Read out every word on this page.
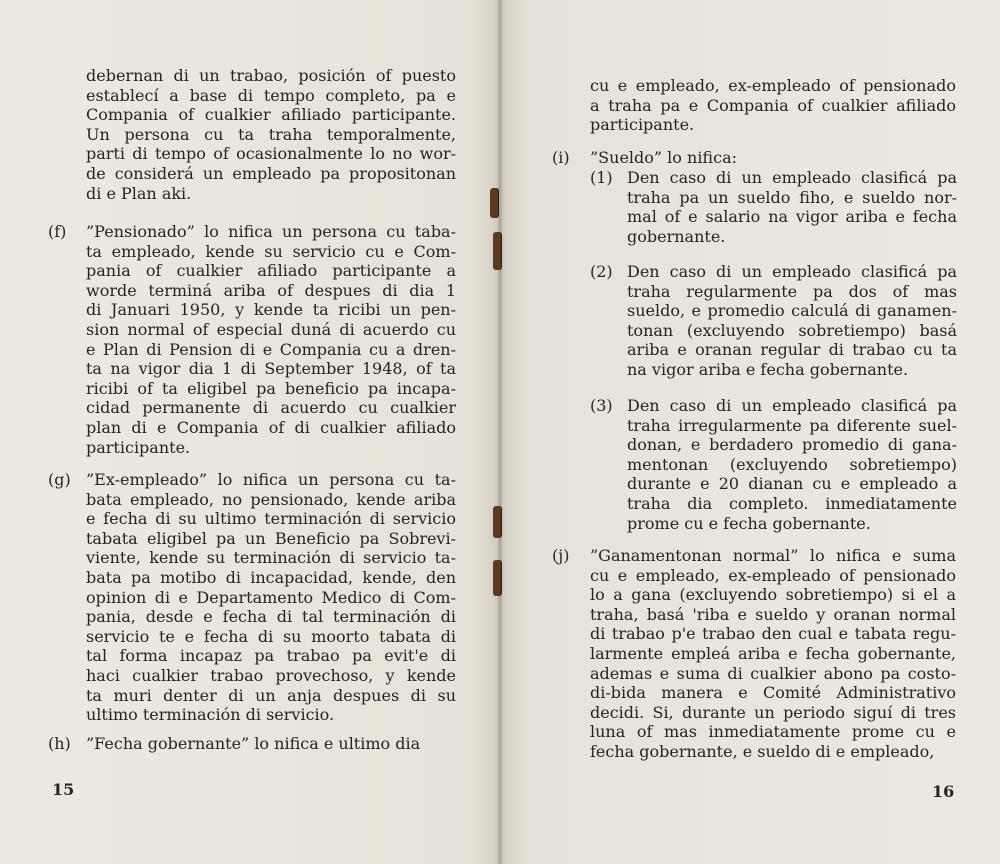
debernan di un trabao, posición of puesto
establecí a base di tempo completo, pa e
Compania of cualkier afiliado participante.
Un persona cu ta traha temporalmente,
parti di tempo of ocasionalmente lo no wor-
de considerá un empleado pa propositonan
di e Plan aki.
(f) ”Pensionado” lo nifica un persona cu taba-
ta empleado, kende su servicio cu e Com-
pania of cualkier afiliado participante a
worde terminá ariba of despues di dia 1
di Januari 1950, y kende ta ricibi un pen-
sion normal of especial duná di acuerdo cu
e Plan di Pension di e Compania cu a dren-
ta na vigor dia 1 di September 1948, of ta
ricibi of ta eligibel pa beneficio pa incapa-
cidad permanente di acuerdo cu cualkier
plan di e Compania of di cualkier afiliado
participante.
(g) ”Ex-empleado” lo nifica un persona cu ta-
bata empleado, no pensionado, kende ariba
e fecha di su ultimo terminación di servicio
tabata eligibel pa un Beneficio pa Sobrevi-
viente, kende su terminación di servicio ta-
bata pa motibo di incapacidad, kende, den
opinion di e Departamento Medico di Com-
pania, desde e fecha di tal terminación di
servicio te e fecha di su moorto tabata di
tal forma incapaz pa trabao pa evit'e di
haci cualkier trabao provechoso, y kende
ta muri denter di un anja despues di su
ultimo terminación di servicio.
(h) ”Fecha gobernante” lo nifica e ultimo dia
15
cu e empleado, ex-empleado of pensionado
a traha pa e Compania of cualkier afiliado
participante.
(i) ”Sueldo” lo nifica:
(1) Den caso di un empleado clasificá pa
traha pa un sueldo fiho, e sueldo nor-
mal of e salario na vigor ariba e fecha
gobernante.
(2) Den caso di un empleado clasificá pa
traha regularmente pa dos of mas
sueldo, e promedio calculá di ganamen-
tonan (excluyendo sobretiempo) basá
ariba e oranan regular di trabao cu ta
na vigor ariba e fecha gobernante.
(3) Den caso di un empleado clasificá pa
traha irregularmente pa diferente suel-
donan, e berdadero promedio di gana-
mentonan (excluyendo sobretiempo)
durante e 20 dianan cu e empleado a
traha dia completo. inmediatamente
prome cu e fecha gobernante.
(j) ”Ganamentonan normal” lo nifica e suma
cu e empleado, ex-empleado of pensionado
lo a gana (excluyendo sobretiempo) si el a
traha, basá 'riba e sueldo y oranan normal
di trabao p'e trabao den cual e tabata regu-
larmente empleá ariba e fecha gobernante,
ademas e suma di cualkier abono pa costo-
di-bida manera e Comité Administrativo
decidi. Si, durante un periodo siguí di tres
luna of mas inmediatamente prome cu e
fecha gobernante, e sueldo di e empleado,
16
